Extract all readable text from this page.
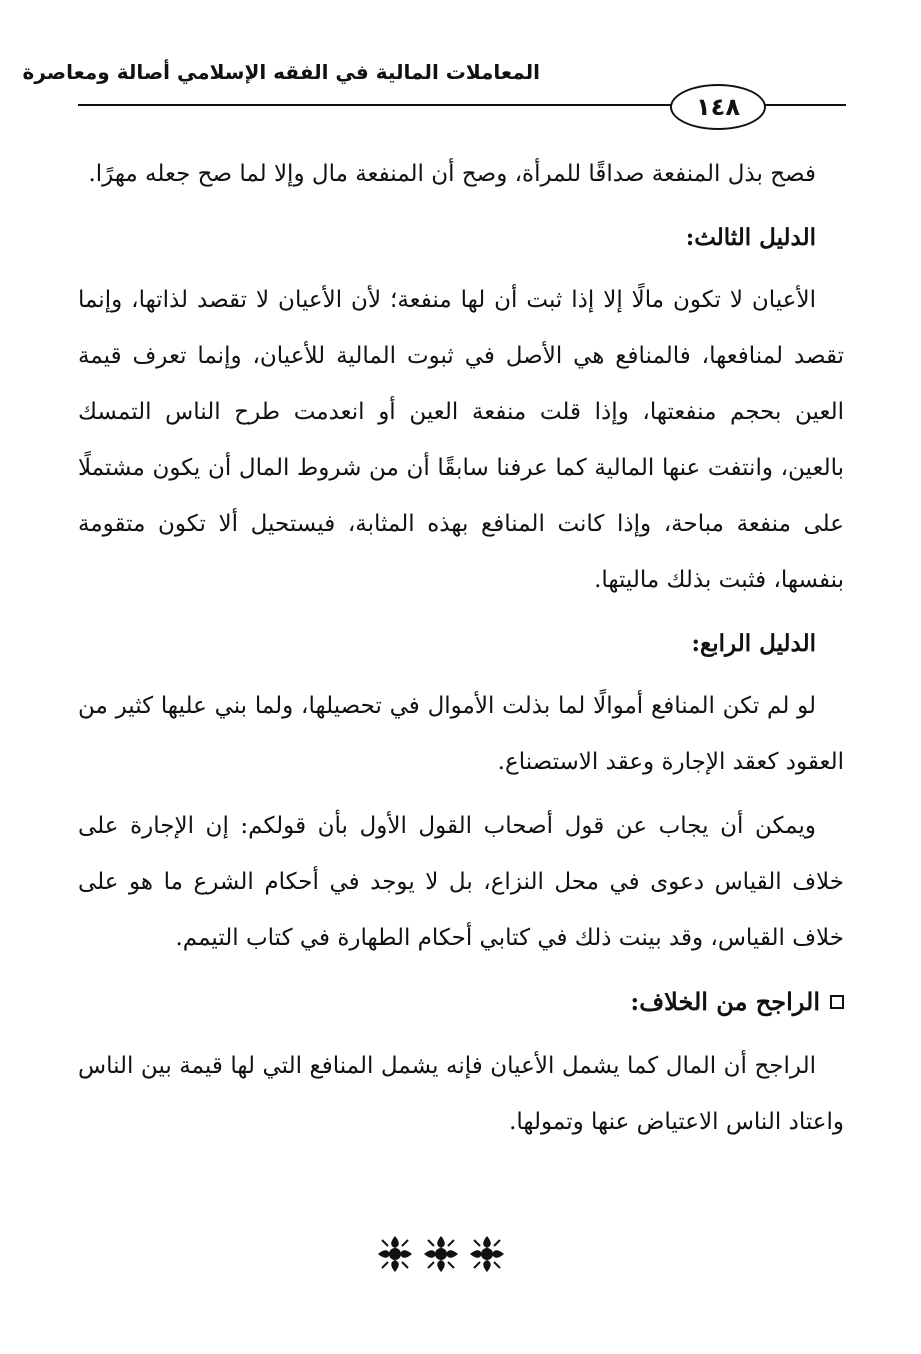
المعاملات المالية في الفقه الإسلامي أصالة ومعاصرة
١٤٨

فصح بذل المنفعة صداقًا للمرأة، وصح أن المنفعة مال وإلا لما صح جعله مهرًا.

الدليل الثالث:

الأعيان لا تكون مالًا إلا إذا ثبت أن لها منفعة؛ لأن الأعيان لا تقصد لذاتها، وإنما تقصد لمنافعها، فالمنافع هي الأصل في ثبوت المالية للأعيان، وإنما تعرف قيمة العين بحجم منفعتها، وإذا قلت منفعة العين أو انعدمت طرح الناس التمسك بالعين، وانتفت عنها المالية كما عرفنا سابقًا أن من شروط المال أن يكون مشتملًا على منفعة مباحة، وإذا كانت المنافع بهذه المثابة، فيستحيل ألا تكون متقومة بنفسها، فثبت بذلك ماليتها.

الدليل الرابع:

لو لم تكن المنافع أموالًا لما بذلت الأموال في تحصيلها، ولما بني عليها كثير من العقود كعقد الإجارة وعقد الاستصناع.

ويمكن أن يجاب عن قول أصحاب القول الأول بأن قولكم: إن الإجارة على خلاف القياس دعوى في محل النزاع، بل لا يوجد في أحكام الشرع ما هو على خلاف القياس، وقد بينت ذلك في كتابي أحكام الطهارة في كتاب التيمم.

الراجح من الخلاف:

الراجح أن المال كما يشمل الأعيان فإنه يشمل المنافع التي لها قيمة بين الناس واعتاد الناس الاعتياض عنها وتمولها.
